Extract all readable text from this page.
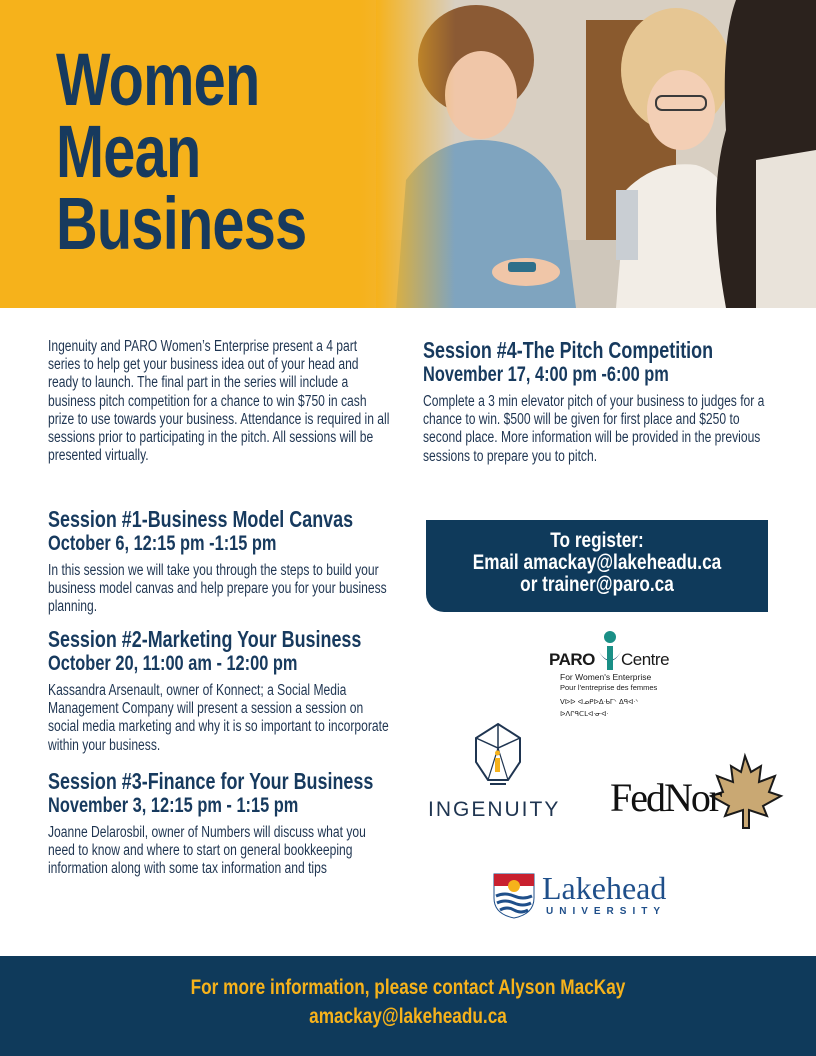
Women
Mean
Business

Ingenuity and PARO Women’s Enterprise present a 4 part series to help get your business idea out of your head and ready to launch. The final part in the series will include a business pitch competition for a chance to win $750 in cash prize to use towards your business. Attendance is required in all sessions prior to participating in the pitch. All sessions will be presented virtually.

Session #1-Business Model Canvas

October 6, 12:15 pm -1:15 pm

In this session we will take you through the steps to build your business model canvas and help prepare you for your business planning.

Session #2-Marketing Your Business

October 20, 11:00 am - 12:00 pm

Kassandra Arsenault, owner of Konnect; a Social Media Management Company will present a session a session on social media marketing and why it is so important to incorporate within your business.

Session #3-Finance for Your Business

November 3, 12:15 pm - 1:15 pm

Joanne Delarosbil, owner of Numbers will discuss what you need to know and where to start on general bookkeeping information along with some tax information and tips

Session #4-The Pitch Competition

November 17, 4:00 pm -6:00 pm

Complete a 3 min elevator pitch of your business to judges for a chance to win. $500 will be given for first place and $250 to second place. More information will be provided in the previous sessions to prepare you to pitch.

To register:
Email amackay@lakeheadu.ca
or trainer@paro.ca
PARO Centre
For Women's Enterprise
Pour l'entreprise des femmes
ᐯᐅᐅ ᐊᓄᑭᐅᐃᐧᑲᒥᐠ ᐃᑫᐊᐧᐠ
ᐅᐱᒋᑫᑕᒪᐊᐧᓂᐊᐧ
INGENUITY FedNor
Lakehead
UNIVERSITY
For more information, please contact Alyson MacKay
amackay@lakeheadu.ca
